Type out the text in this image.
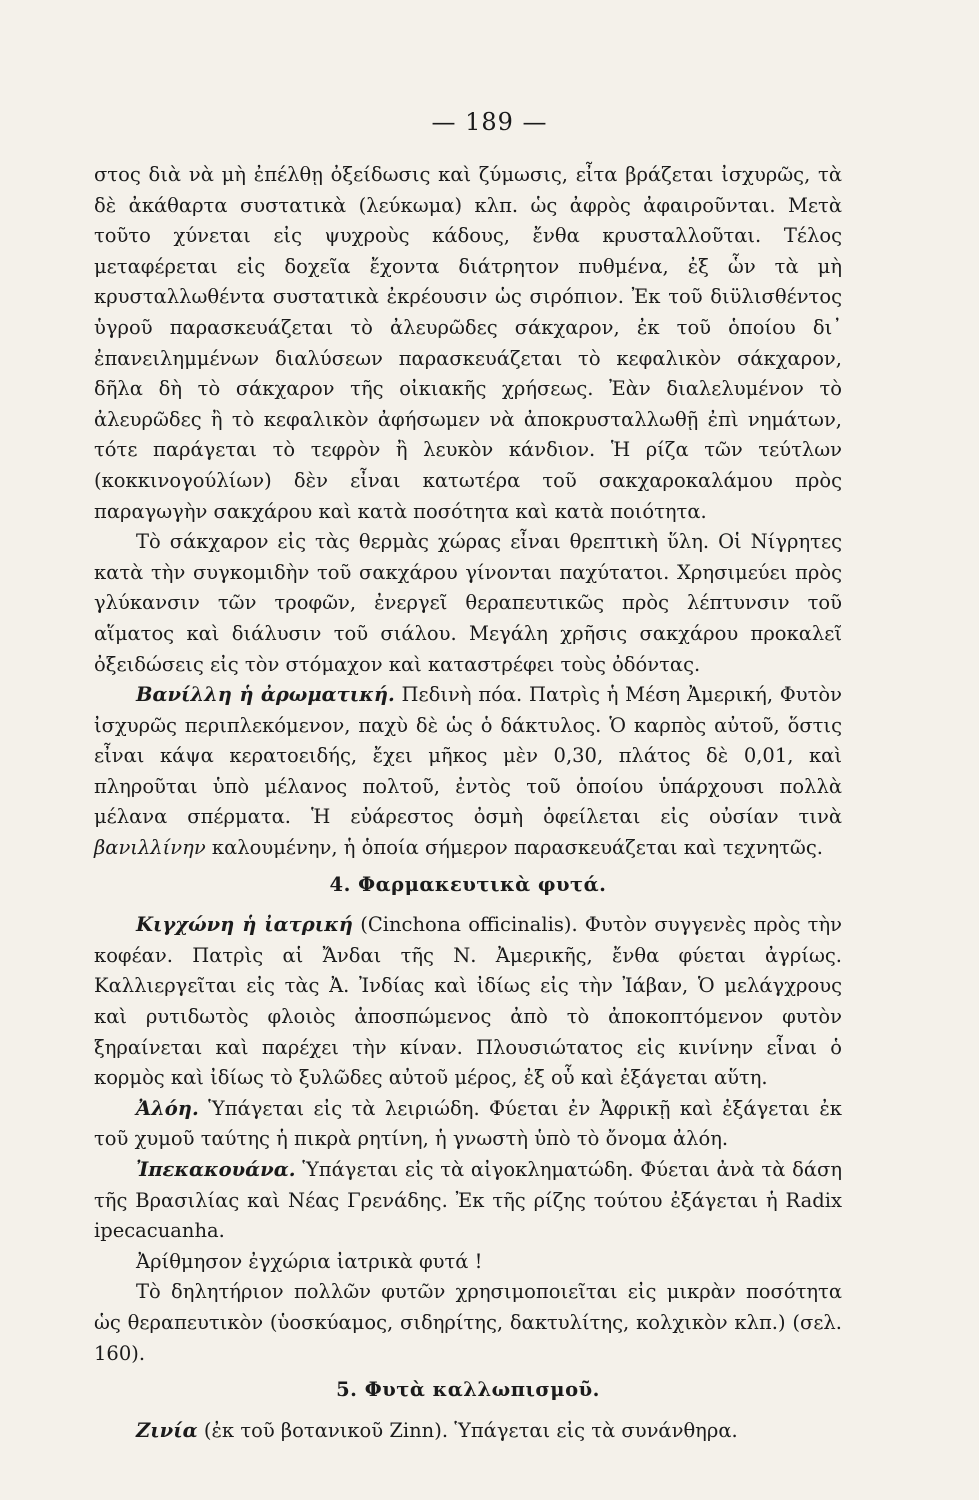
— 189 —

στος διὰ νὰ μὴ ἐπέλθῃ ὀξείδωσις καὶ ζύμωσις, εἶτα βράζεται ἰσχυρῶς, τὰ δὲ ἀκάθαρτα συστατικὰ (λεύκωμα) κλπ. ὡς ἀφρὸς ἀφαιροῦνται. Μετὰ τοῦτο χύνεται εἰς ψυχροὺς κάδους, ἔνθα κρυσταλλοῦται. Τέλος μεταφέρεται εἰς δοχεῖα ἔχοντα διάτρητον πυθμένα, ἐξ ὧν τὰ μὴ κρυσταλλωθέντα συστατικὰ ἐκρέουσιν ὡς σιρόπιον. Ἐκ τοῦ διϋλισθέντος ὑγροῦ παρασκευάζεται τὸ ἀλευρῶδες σάκχαρον, ἐκ τοῦ ὁποίου δι᾽ ἐπανειλημμένων διαλύσεων παρασκευάζεται τὸ κεφαλικὸν σάκχαρον, δῆλα δὴ τὸ σάκχαρον τῆς οἰκιακῆς χρήσεως. Ἐὰν διαλελυμένον τὸ ἀλευρῶδες ἢ τὸ κεφαλικὸν ἀφήσωμεν νὰ ἀποκρυσταλλωθῇ ἐπὶ νημάτων, τότε παράγεται τὸ τεφρὸν ἢ λευκὸν κάνδιον. Ἡ ρίζα τῶν τεύτλων (κοκκινογούλίων) δὲν εἶναι κατωτέρα τοῦ σακχαροκαλάμου πρὸς παραγωγὴν σακχάρου καὶ κατὰ ποσότητα καὶ κατὰ ποιότητα.

Τὸ σάκχαρον εἰς τὰς θερμὰς χώρας εἶναι θρεπτικὴ ὕλη. Οἱ Νίγρητες κατὰ τὴν συγκομιδὴν τοῦ σακχάρου γίνονται παχύτατοι. Χρησιμεύει πρὸς γλύκανσιν τῶν τροφῶν, ἐνεργεῖ θεραπευτικῶς πρὸς λέπτυνσιν τοῦ αἵματος καὶ διάλυσιν τοῦ σιάλου. Μεγάλη χρῆσις σακχάρου προκαλεῖ ὀξειδώσεις εἰς τὸν στόμαχον καὶ καταστρέφει τοὺς ὀδόντας.

Βανίλλη ἡ ἀρωματική. Πεδινὴ πόα. Πατρὶς ἡ Μέση Ἀμερική, Φυτὸν ἰσχυρῶς περιπλεκόμενον, παχὺ δὲ ὡς ὁ δάκτυλος. Ὁ καρπὸς αὐτοῦ, ὅστις εἶναι κάψα κερατοειδής, ἔχει μῆκος μὲν 0,30, πλάτος δὲ 0,01, καὶ πληροῦται ὑπὸ μέλανος πολτοῦ, ἐντὸς τοῦ ὁποίου ὑπάρχουσι πολλὰ μέλανα σπέρματα. Ἡ εὐάρεστος ὀσμὴ ὀφείλεται εἰς οὐσίαν τινὰ βανιλλίνην καλουμένην, ἡ ὁποία σήμερον παρασκευάζεται καὶ τεχνητῶς.

4. Φαρμακευτικὰ φυτά.

Κιγχώνη ἡ ἰατρική (Cinchona officinalis). Φυτὸν συγγενὲς πρὸς τὴν κοφέαν. Πατρὶς αἱ Ἄνδαι τῆς Ν. Ἀμερικῆς, ἔνθα φύεται ἀγρίως. Καλλιεργεῖται εἰς τὰς Ἀ. Ἰνδίας καὶ ἰδίως εἰς τὴν Ἰάβαν, Ὁ μελάγχρους καὶ ρυτιδωτὸς φλοιὸς ἀποσπώμενος ἀπὸ τὸ ἀποκοπτόμενον φυτὸν ξηραίνεται καὶ παρέχει τὴν κίναν. Πλουσιώτατος εἰς κινίνην εἶναι ὁ κορμὸς καὶ ἰδίως τὸ ξυλῶδες αὐτοῦ μέρος, ἐξ οὗ καὶ ἐξάγεται αὕτη.

Ἀλόη. Ὑπάγεται εἰς τὰ λειριώδη. Φύεται ἐν Ἀφρικῇ καὶ ἐξάγεται ἐκ τοῦ χυμοῦ ταύτης ἡ πικρὰ ρητίνη, ἡ γνωστὴ ὑπὸ τὸ ὄνομα ἀλόη.

Ἰπεκακουάνα. Ὑπάγεται εἰς τὰ αἰγοκληματώδη. Φύεται ἀνὰ τὰ δάση τῆς Βρασιλίας καὶ Νέας Γρενάδης. Ἐκ τῆς ρίζης τούτου ἐξάγεται ἡ Radix ipecacuanha.

Ἀρίθμησον ἐγχώρια ἰατρικὰ φυτά !

Τὸ δηλητήριον πολλῶν φυτῶν χρησιμοποιεῖται εἰς μικρὰν ποσότητα ὡς θεραπευτικὸν (ὑοσκύαμος, σιδηρίτης, δακτυλίτης, κολχικὸν κλπ.) (σελ. 160).

5. Φυτὰ καλλωπισμοῦ.

Ζινία (ἐκ τοῦ βοτανικοῦ Zinn). Ὑπάγεται εἰς τὰ συνάνθηρα.
